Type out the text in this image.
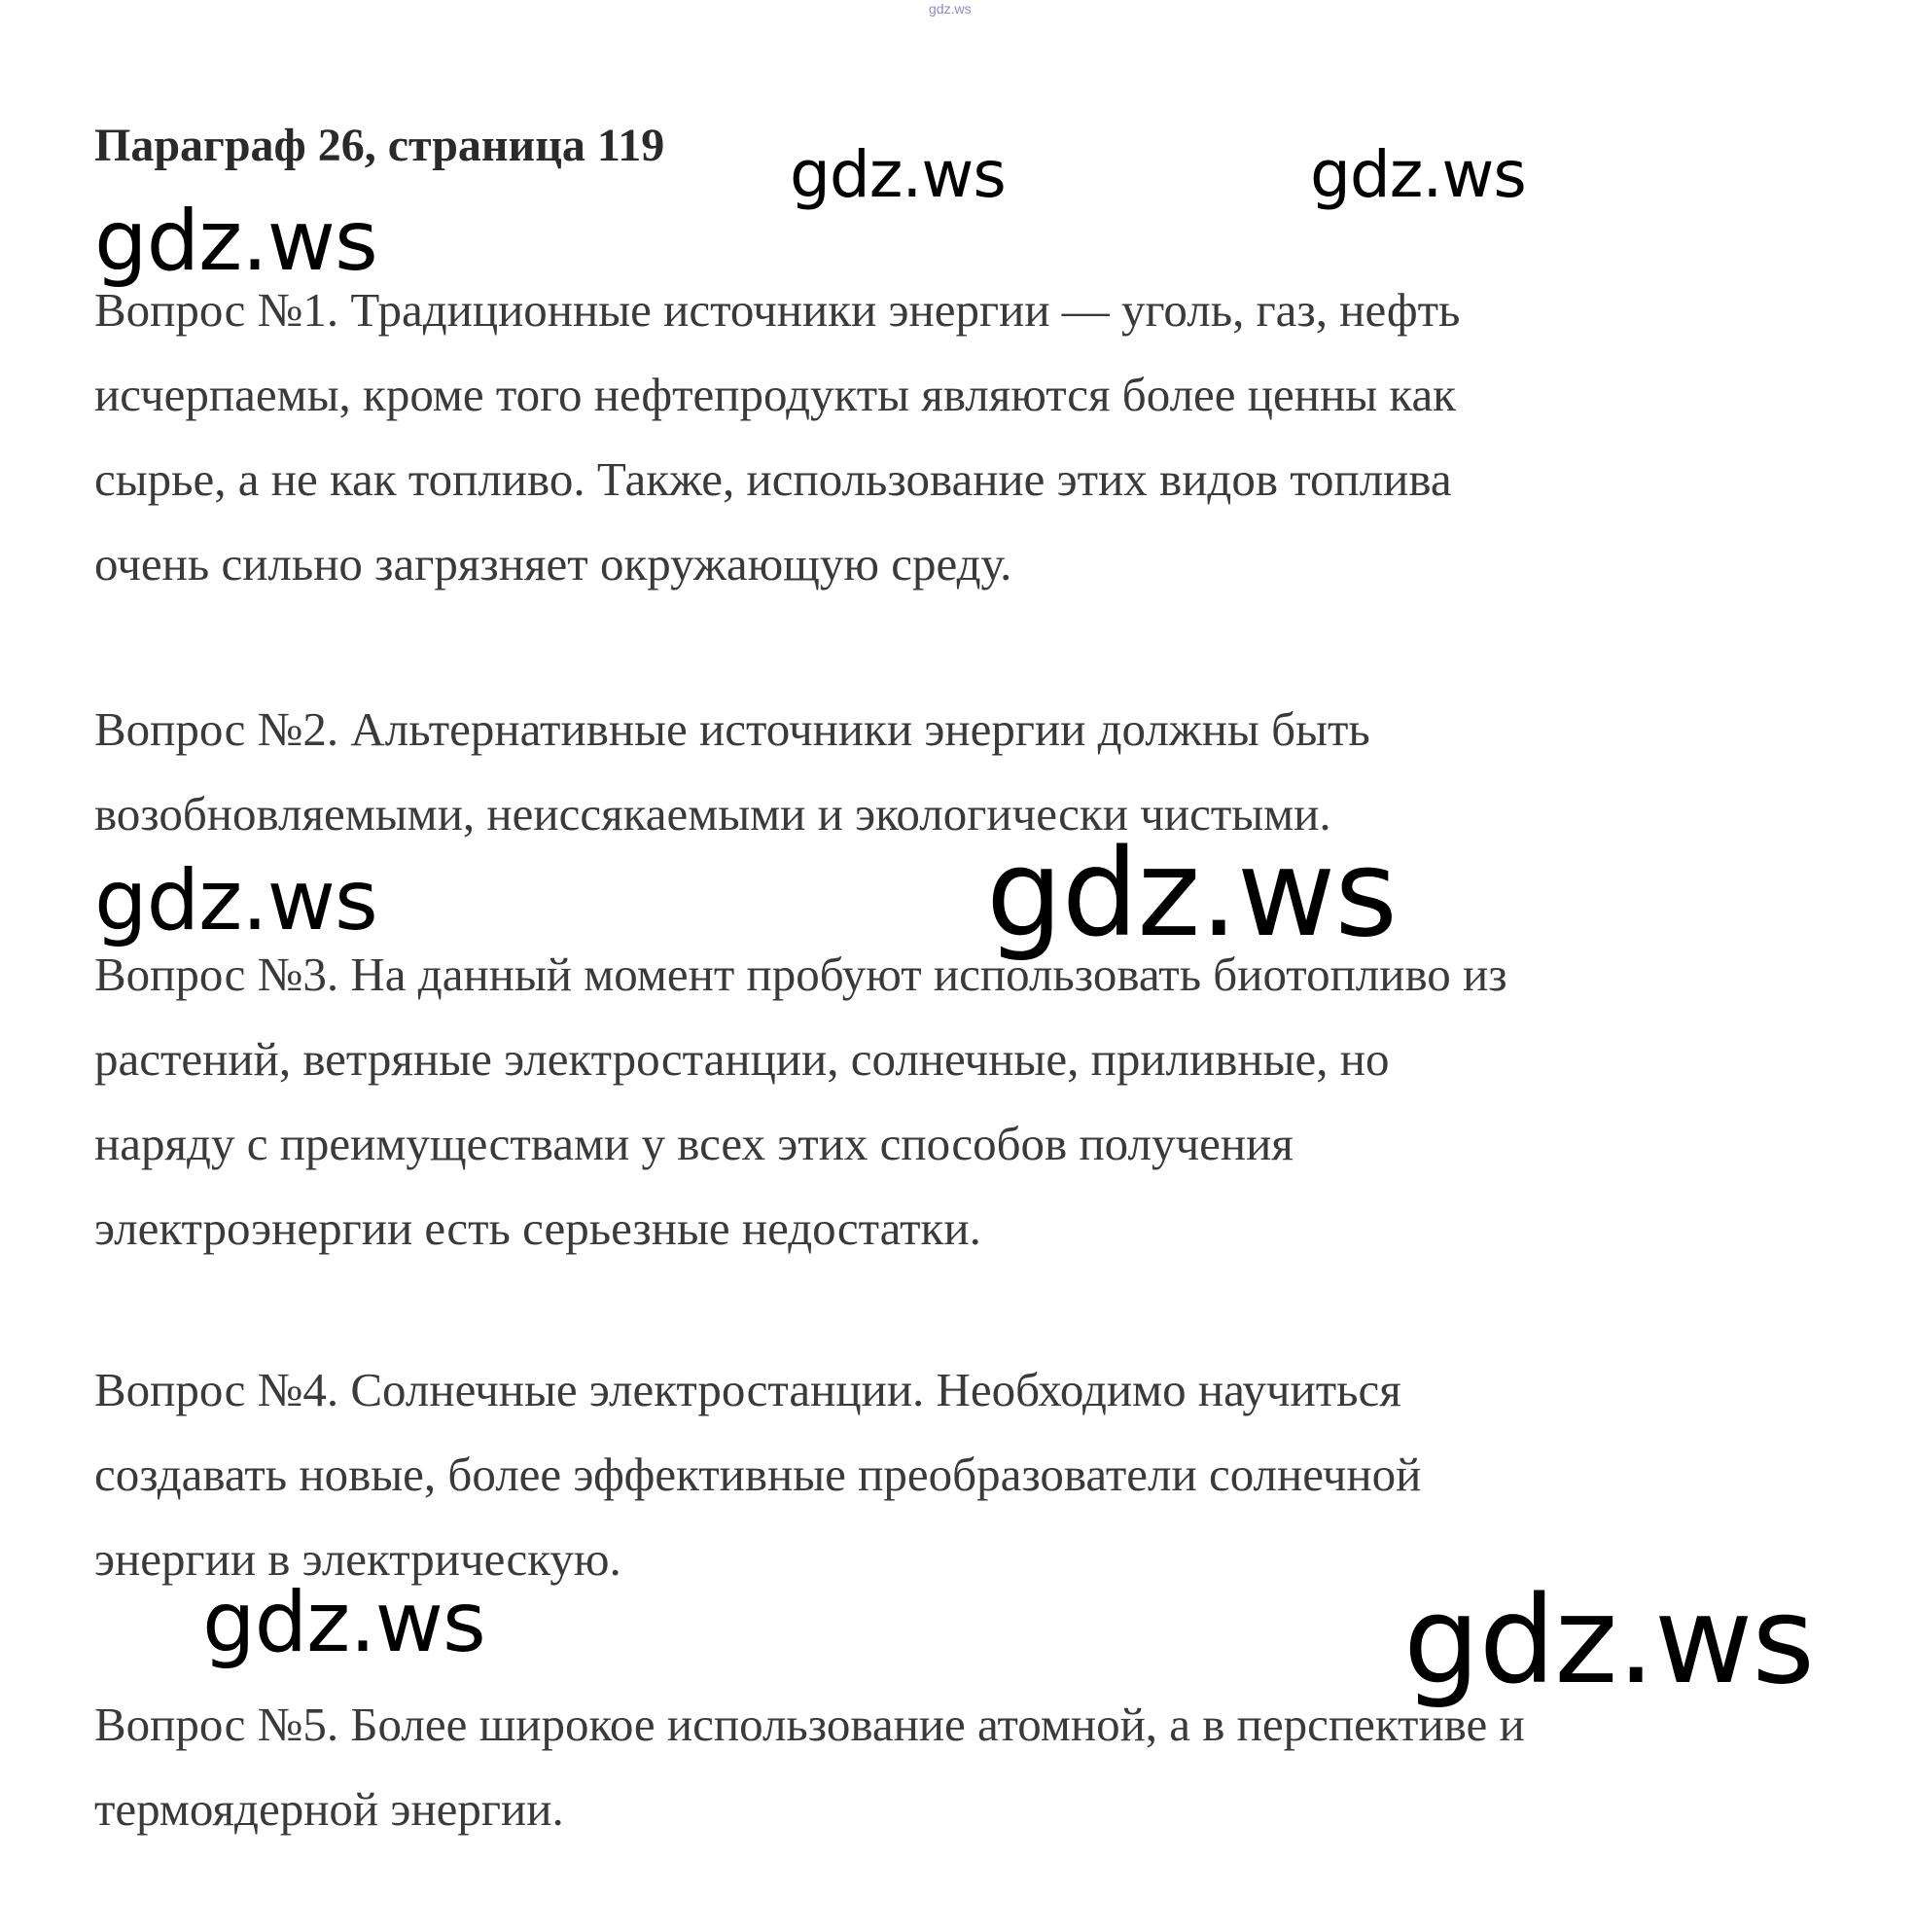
gdz.ws
Параграф 26, страница 119

Вопрос №1. Традиционные источники энергии — уголь, газ, нефть
исчерпаемы, кроме того нефтепродукты являются более ценны как
сырье, а не как топливо. Также, использование этих видов топлива
очень сильно загрязняет окружающую среду.

Вопрос №2. Альтернативные источники энергии должны быть
возобновляемыми, неиссякаемыми и экологически чистыми.

Вопрос №3. На данный момент пробуют использовать биотопливо из
растений, ветряные электростанции, солнечные, приливные, но
наряду с преимуществами у всех этих способов получения
электроэнергии есть серьезные недостатки.

Вопрос №4. Солнечные электростанции. Необходимо научиться
создавать новые, более эффективные преобразователи солнечной
энергии в электрическую.

Вопрос №5. Более широкое использование атомной, а в перспективе и
термоядерной энергии.

gdz.ws	gdz.ws
gdz.ws
gdz.ws	gdz.ws
gdz.ws	gdz.ws
